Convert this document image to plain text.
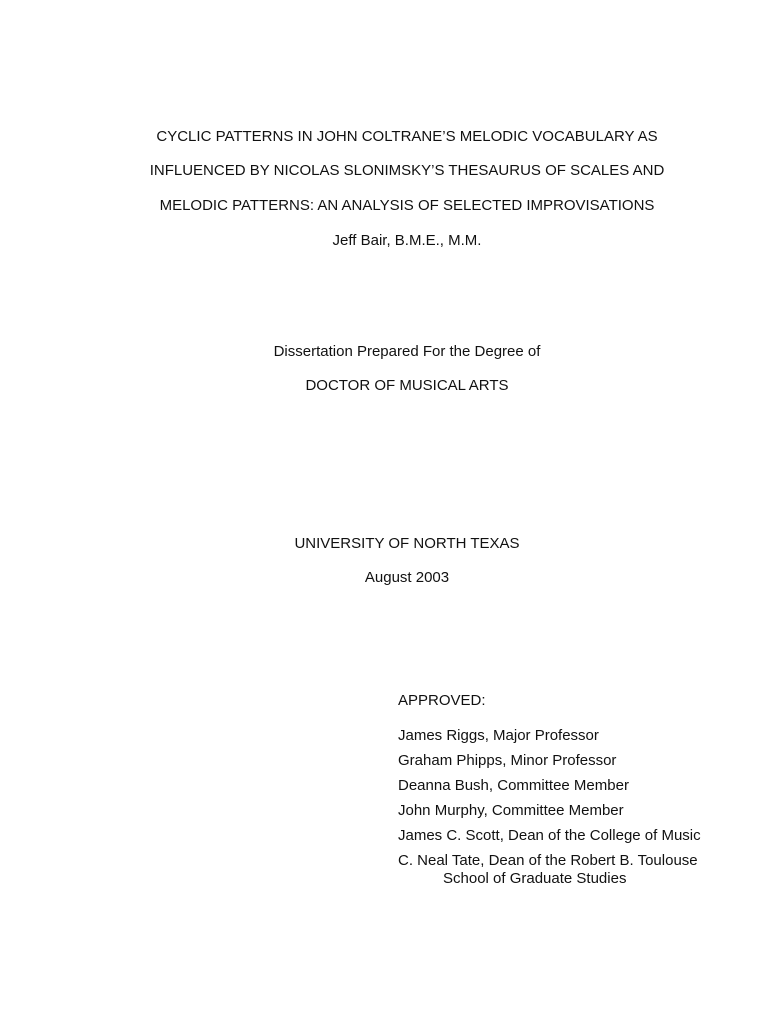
CYCLIC PATTERNS IN JOHN COLTRANE’S MELODIC VOCABULARY AS
INFLUENCED BY NICOLAS SLONIMSKY’S THESAURUS OF SCALES AND
MELODIC PATTERNS: AN ANALYSIS OF SELECTED IMPROVISATIONS
Jeff Bair, B.M.E., M.M.
Dissertation Prepared For the Degree of
DOCTOR OF MUSICAL ARTS
UNIVERSITY OF NORTH TEXAS
August 2003
APPROVED:
James Riggs, Major Professor
Graham Phipps, Minor Professor
Deanna Bush, Committee Member
John Murphy, Committee Member
James C. Scott, Dean of the College of Music
C. Neal Tate, Dean of the Robert B. Toulouse
School of Graduate Studies
